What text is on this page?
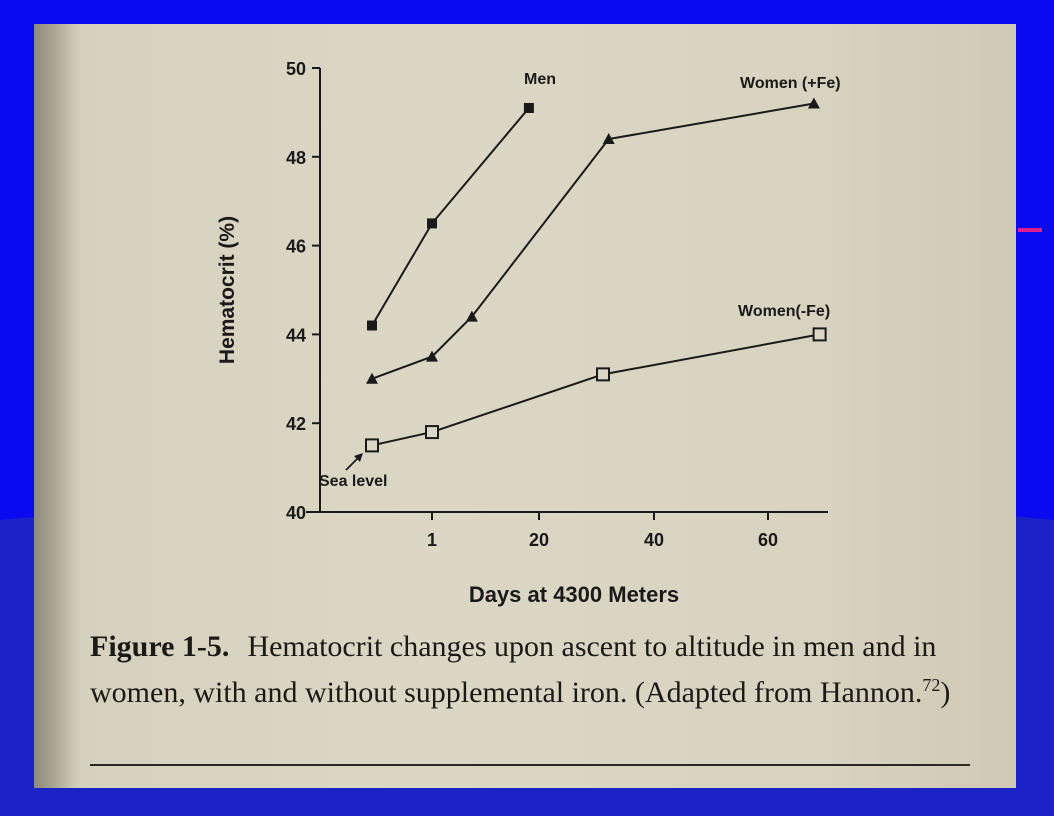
40
42
44
46
48
50
1	20	40	60
Days at 4300 Meters
Hematocrit (%)
Men	Women (+Fe)
Women(-Fe)
Sea level
Figure 1-5. Hematocrit changes upon ascent to altitude in men and in women, with and without supplemental iron. (Adapted from Hannon.$^{72}$)
